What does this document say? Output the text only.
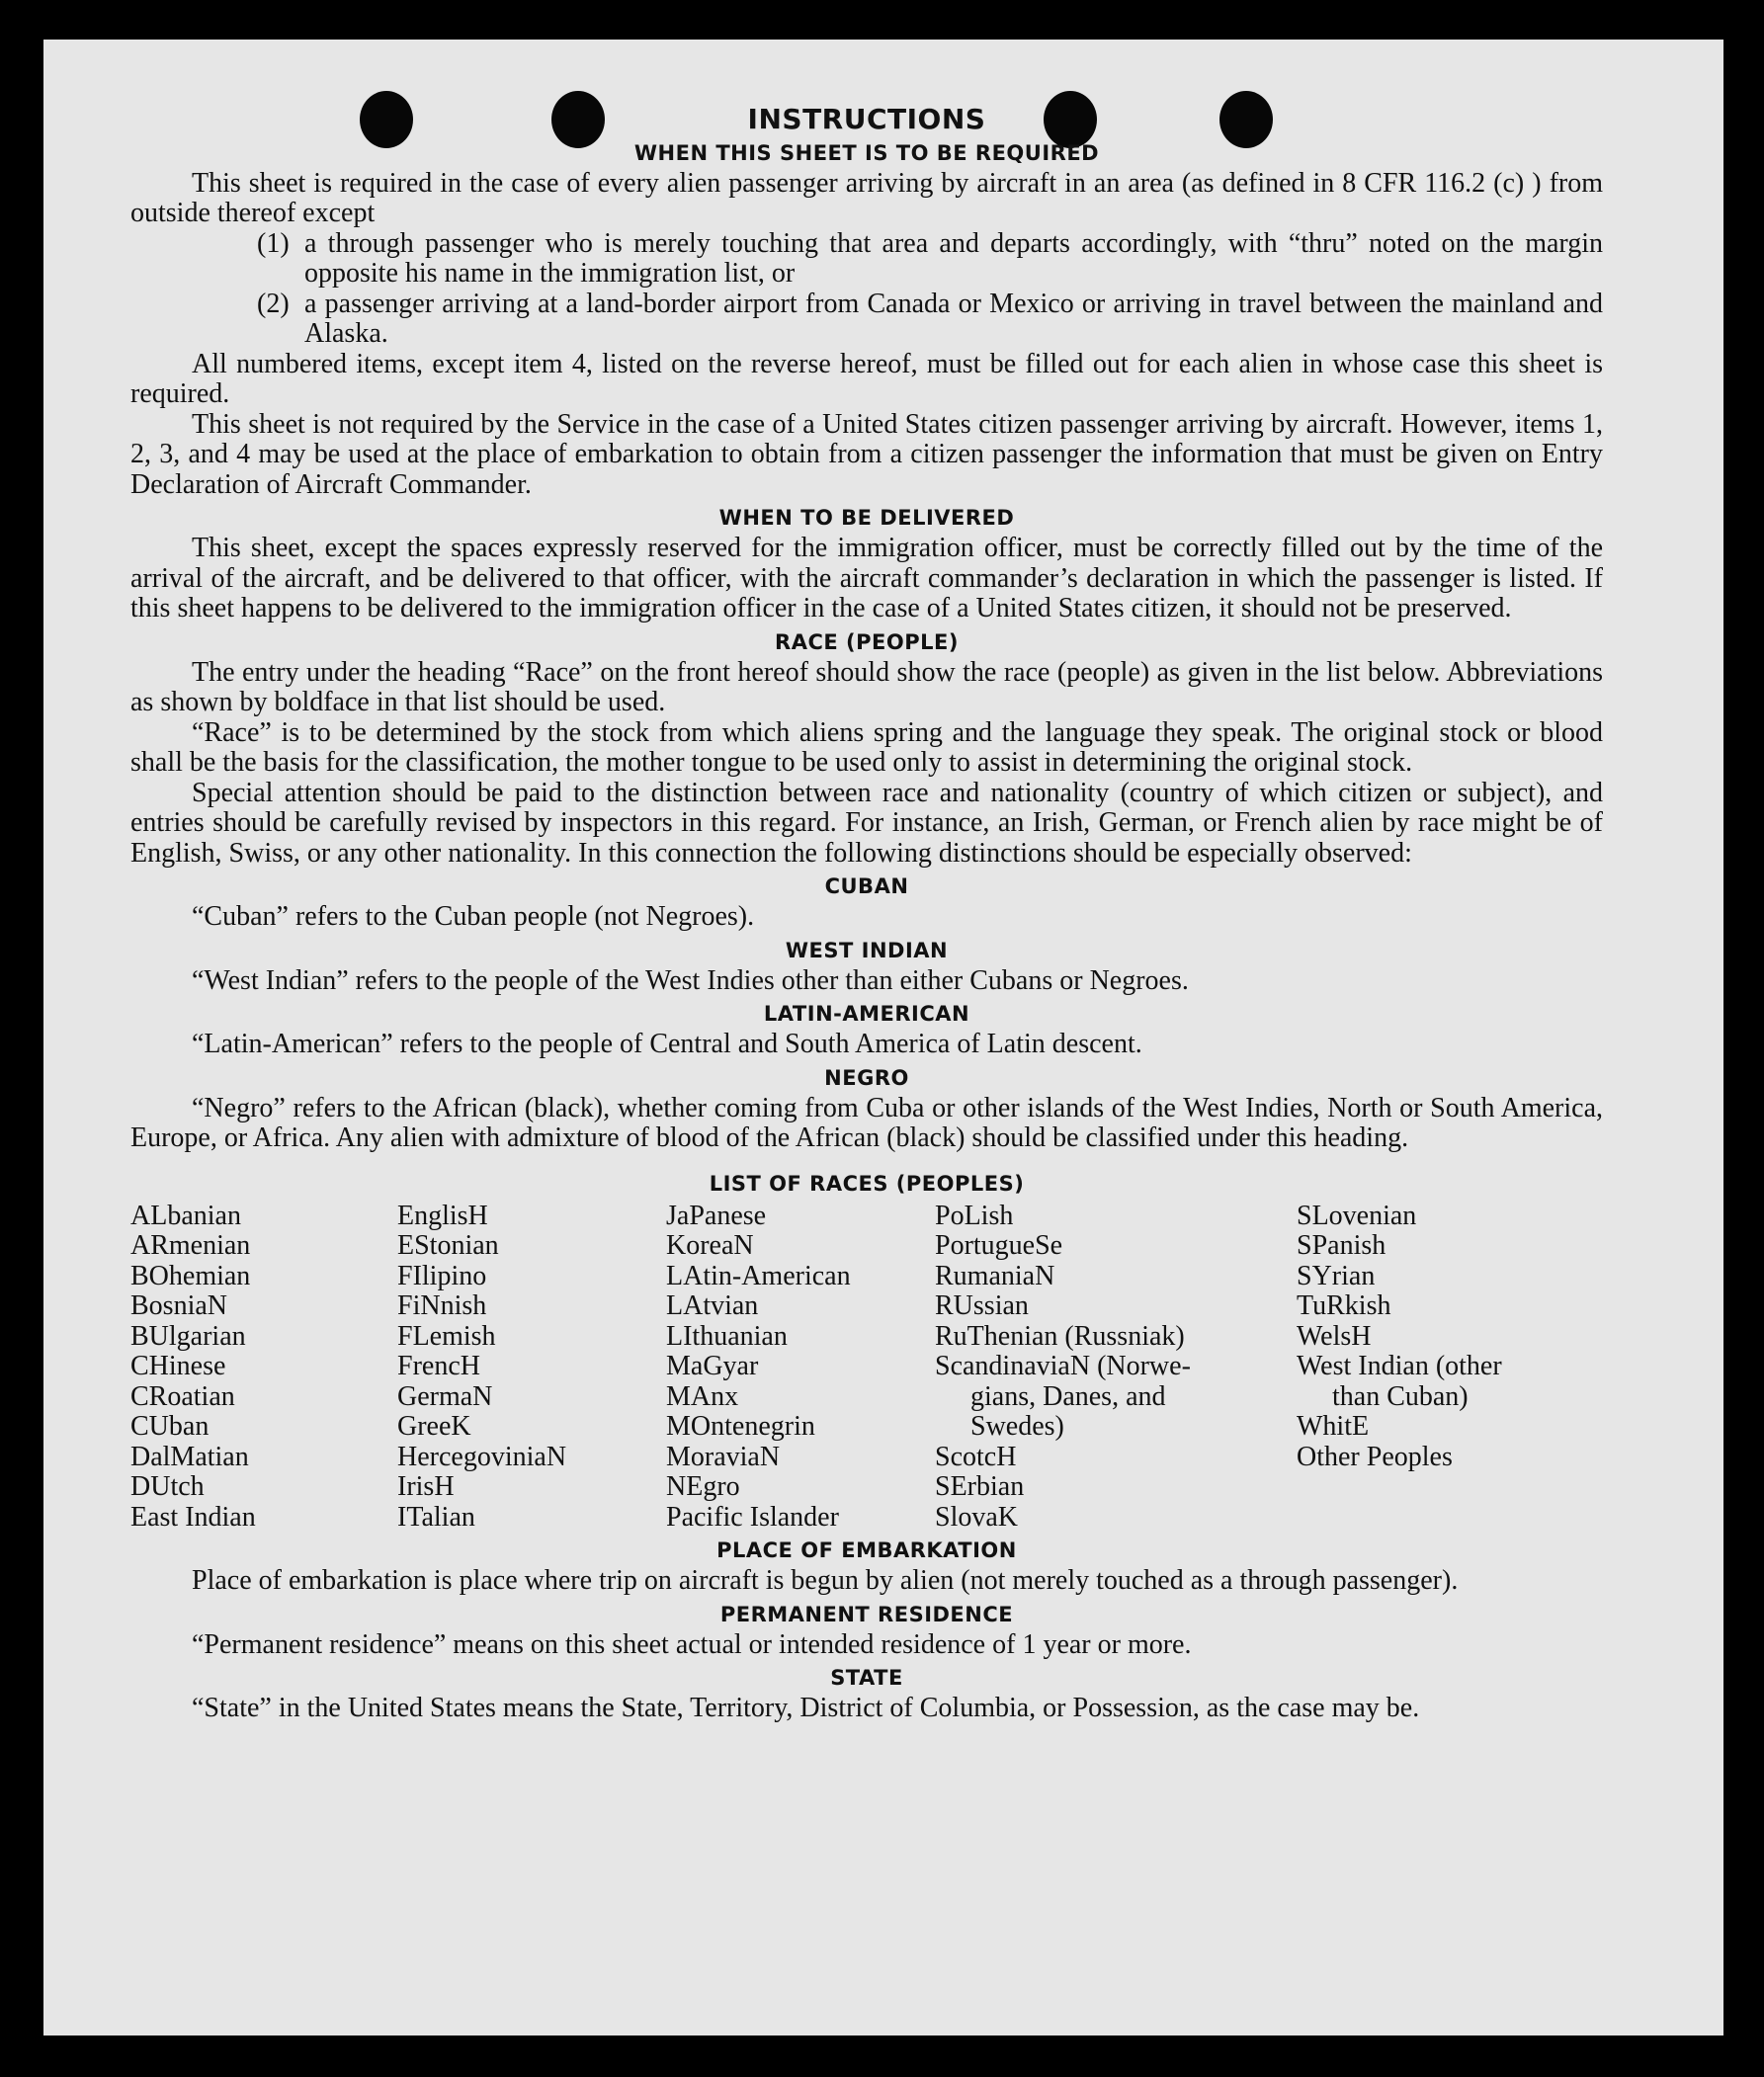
INSTRUCTIONS
WHEN THIS SHEET IS TO BE REQUIRED

This sheet is required in the case of every alien passenger arriving by aircraft in an area (as defined in 8 CFR 116.2 (c) ) from outside thereof except

(1) a through passenger who is merely touching that area and departs accordingly, with “thru” noted on the margin opposite his name in the immigration list, or
(2) a passenger arriving at a land-border airport from Canada or Mexico or arriving in travel between the mainland and Alaska.

All numbered items, except item 4, listed on the reverse hereof, must be filled out for each alien in whose case this sheet is required.

This sheet is not required by the Service in the case of a United States citizen passenger arriving by aircraft. However, items 1, 2, 3, and 4 may be used at the place of embarkation to obtain from a citizen passenger the information that must be given on Entry Declaration of Aircraft Commander.

WHEN TO BE DELIVERED

This sheet, except the spaces expressly reserved for the immigration officer, must be correctly filled out by the time of the arrival of the aircraft, and be delivered to that officer, with the aircraft commander’s declaration in which the passenger is listed. If this sheet happens to be delivered to the immigration officer in the case of a United States citizen, it should not be preserved.

RACE (PEOPLE)

The entry under the heading “Race” on the front hereof should show the race (people) as given in the list below. Abbreviations as shown by boldface in that list should be used.

“Race” is to be determined by the stock from which aliens spring and the language they speak. The original stock or blood shall be the basis for the classification, the mother tongue to be used only to assist in determining the original stock.

Special attention should be paid to the distinction between race and nationality (country of which citizen or subject), and entries should be carefully revised by inspectors in this regard. For instance, an Irish, German, or French alien by race might be of English, Swiss, or any other nationality. In this connection the following distinctions should be especially observed:

CUBAN

“Cuban” refers to the Cuban people (not Negroes).

WEST INDIAN

“West Indian” refers to the people of the West Indies other than either Cubans or Negroes.

LATIN-AMERICAN

“Latin-American” refers to the people of Central and South America of Latin descent.

NEGRO

“Negro” refers to the African (black), whether coming from Cuba or other islands of the West Indies, North or South America, Europe, or Africa. Any alien with admixture of blood of the African (black) should be classified under this heading.

LIST OF RACES (PEOPLES)
ALbanian
ARmenian
BOhemian
BosniaN
BUlgarian
CHinese
CRoatian
CUban
DalMatian
DUtch
East Indian
EnglisH
EStonian
FIlipino
FiNnish
FLemish
FrencH
GermaN
GreeK
HercegoviniaN
IrisH
ITalian
JaPanese
KoreaN
LAtin-American
LAtvian
LIthuanian
MaGyar
MAnx
MOntenegrin
MoraviaN
NEgro
Pacific Islander
PoLish
PortugueSe
RumaniaN
RUssian
RuThenian (Russniak)
ScandinaviaN (Norwe-
gians, Danes, and
Swedes)
ScotcH
SErbian
SlovaK
SLovenian
SPanish
SYrian
TuRkish
WelsH
West Indian (other
than Cuban)
WhitE
Other Peoples
PLACE OF EMBARKATION

Place of embarkation is place where trip on aircraft is begun by alien (not merely touched as a through passenger).

PERMANENT RESIDENCE

“Permanent residence” means on this sheet actual or intended residence of 1 year or more.

STATE

“State” in the United States means the State, Territory, District of Columbia, or Possession, as the case may be.
